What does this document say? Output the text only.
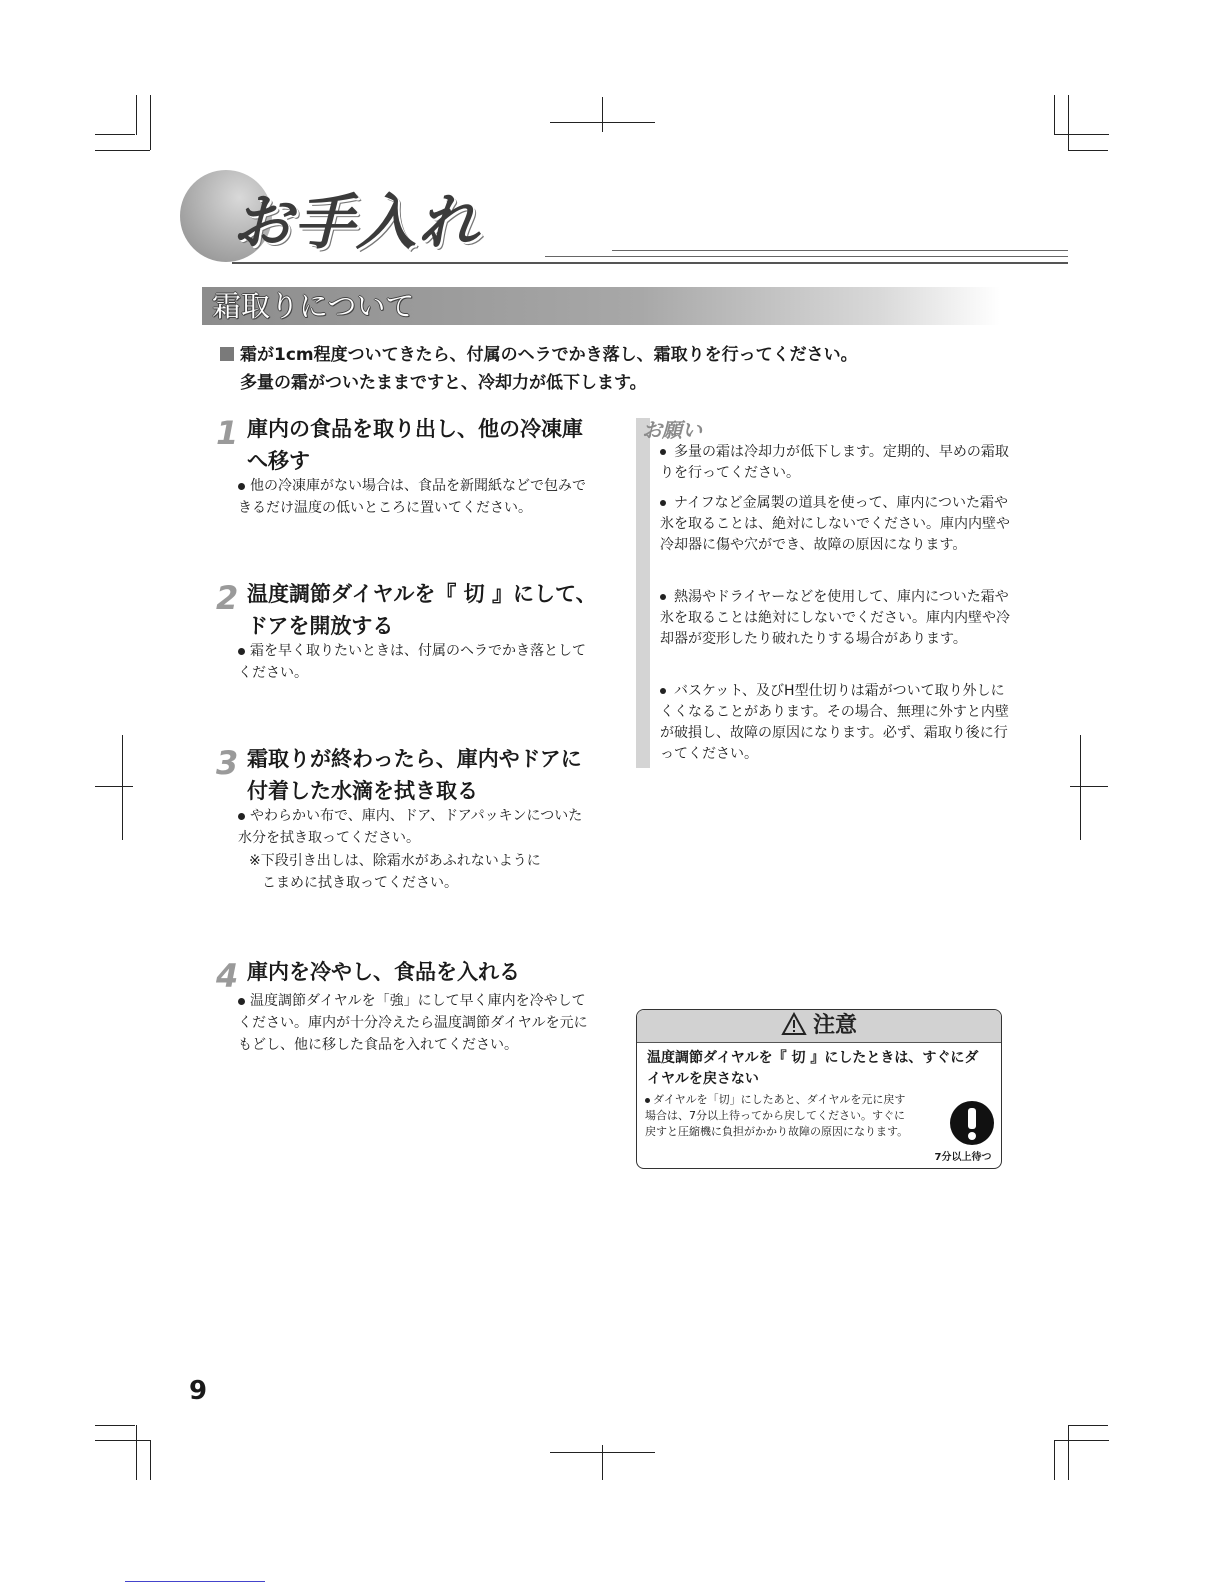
お手入れ
霜取りについて
霜が1cm程度ついてきたら、付属のヘラでかき落し、霜取りを行ってください。
多量の霜がついたままですと、冷却力が低下します。
1 庫内の食品を取り出し、他の冷凍庫
へ移す
他の冷凍庫がない場合は、食品を新聞紙などで包みできるだけ温度の低いところに置いてください。
2 温度調節ダイヤルを『 切 』にして、
ドアを開放する
霜を早く取りたいときは、付属のヘラでかき落としてください。
3 霜取りが終わったら、庫内やドアに
付着した水滴を拭き取る
やわらかい布で、庫内、ドア、ドアパッキンについた水分を拭き取ってください。
※下段引き出しは、除霜水があふれないように
こまめに拭き取ってください。
4 庫内を冷やし、食品を入れる
温度調節ダイヤルを「強」にして早く庫内を冷やしてください。庫内が十分冷えたら温度調節ダイヤルを元にもどし、他に移した食品を入れてください。
お願い
多量の霜は冷却力が低下します。定期的、早めの霜取りを行ってください。
ナイフなど金属製の道具を使って、庫内についた霜や氷を取ることは、絶対にしないでください。庫内内壁や冷却器に傷や穴ができ、故障の原因になります。
熱湯やドライヤーなどを使用して、庫内についた霜や氷を取ることは絶対にしないでください。庫内内壁や冷却器が変形したり破れたりする場合があります。
バスケット、及びH型仕切りは霜がついて取り外しにくくなることがあります。その場合、無理に外すと内壁が破損し、故障の原因になります。必ず、霜取り後に行ってください。
注意
温度調節ダイヤルを『 切 』にしたときは、すぐにダイヤルを戻さない
ダイヤルを「切」にしたあと、ダイヤルを元に戻す場合は、7分以上待ってから戻してください。すぐに戻すと圧縮機に負担がかかり故障の原因になります。
7分以上待つ
9
